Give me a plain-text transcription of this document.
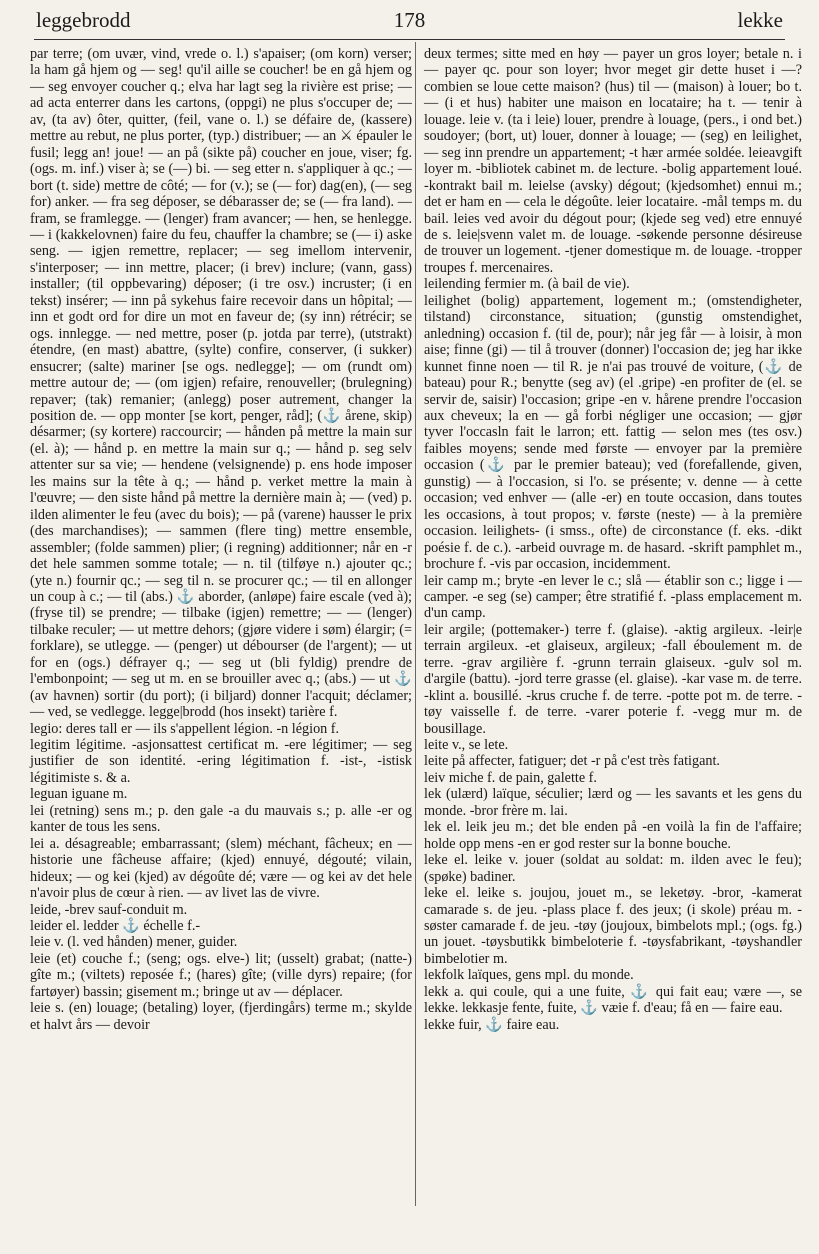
leggebrodd	178	lekke

par terre; (om uvær, vind, vrede o. l.) s'apaiser; (om korn) verser; la ham gå hjem og — seg! qu'il aille se coucher! be en gå hjem og — seg envoyer coucher q.; elva har lagt seg la rivière est prise; — ad acta enterrer dans les cartons, (oppgi) ne plus s'occuper de; — av, (ta av) ôter, quitter, (feil, vane o. l.) se défaire de, (kassere) mettre au rebut, ne plus porter, (typ.) distribuer; — an ⚔ épauler le fusil; legg an! joue! — an på (sikte på) coucher en joue, viser; fg. (ogs. m. inf.) viser à; se (—) bi. — seg etter n. s'appliquer à qc.; — bort (t. side) mettre de côté; — for (v.); se (— for) dag(en), (— seg for) anker. — fra seg déposer, se débarasser de; se (— fra land). — fram, se framlegge. — (lenger) fram avancer; — hen, se henlegge. — i (kakkelovnen) faire du feu, chauffer la chambre; se (— i) aske seng. — igjen remettre, replacer; — seg imellom intervenir, s'interposer; — inn mettre, placer; (i brev) inclure; (vann, gass) installer; (til oppbevaring) déposer; (i tre osv.) incruster; (i en tekst) insérer; — inn på sykehus faire recevoir dans un hôpital; — inn et godt ord for dire un mot en faveur de; (sy inn) rétrécir; se ogs. innlegge. — ned mettre, poser (p. jotda par terre), (utstrakt) étendre, (en mast) abattre, (sylte) confire, conserver, (i sukker) ensucrer; (salte) mariner [se ogs. nedlegge]; — om (rundt om) mettre autour de; — (om igjen) refaire, renouveller; (brulegning) repaver; (tak) remanier; (anlegg) poser autrement, changer la position de. — opp monter [se kort, penger, råd]; (⚓ årene, skip) désarmer; (sy kortere) raccourcir; — hånden på mettre la main sur (el. à); — hånd p. en mettre la main sur q.; — hånd p. seg selv attenter sur sa vie; — hendene (velsignende) p. ens hode imposer les mains sur la tête à q.; — hånd p. verket mettre la main à l'œuvre; — den siste hånd på mettre la dernière main à; — (ved) p. ilden alimenter le feu (avec du bois); — på (varene) hausser le prix (des marchandises); — sammen (flere ting) mettre ensemble, assembler; (folde sammen) plier; (i regning) additionner; når en -r det hele sammen somme totale; — n. til (tilføye n.) ajouter qc.; (yte n.) fournir qc.; — seg til n. se procurer qc.; — til en allonger un coup à c.; — til (abs.) ⚓ aborder, (anløpe) faire escale (ved à); (fryse til) se prendre; — tilbake (igjen) remettre; — — (lenger) tilbake reculer; — ut mettre dehors; (gjøre videre i søm) élargir; (= forklare), se utlegge. — (penger) ut débourser (de l'argent); — ut for en (ogs.) défrayer q.; — seg ut (bli fyldig) prendre de l'embonpoint; — seg ut m. en se brouiller avec q.; (abs.) — ut ⚓ (av havnen) sortir (du port); (i biljard) donner l'acquit; déclamer; — ved, se vedlegge. legge|brodd (hos insekt) tarière f.

legio: deres tall er — ils s'appellent légion. -n légion f.

legitim légitime. -asjonsattest certificat m. -ere légitimer; — seg justifier de son identité. -ering légitimation f. -ist-, -istisk légitimiste s. & a.

leguan iguane m.

lei (retning) sens m.; p. den gale -a du mauvais s.; p. alle -er og kanter de tous les sens.

lei a. désagreable; embarrassant; (slem) méchant, fâcheux; en — historie une fâcheuse affaire; (kjed) ennuyé, dégouté; vilain, hideux; — og kei (kjed) av dégoûte dé; være — og kei av det hele n'avoir plus de cœur à rien. — av livet las de vivre.

leide, -brev sauf-conduit m.

leider el. ledder ⚓ échelle f.-

leie v. (l. ved hånden) mener, guider.

leie (et) couche f.; (seng; ogs. elve-) lit; (usselt) grabat; (natte-) gîte m.; (viltets) reposée f.; (hares) gîte; (ville dyrs) repaire; (for fartøyer) bassin; gisement m.; bringe ut av — déplacer.

leie s. (en) louage; (betaling) loyer, (fjerdingårs) terme m.; skylde et halvt års — devoir

deux termes; sitte med en høy — payer un gros loyer; betale n. i — payer qc. pour son loyer; hvor meget gir dette huset i —? combien se loue cette maison? (hus) til — (maison) à louer; bo t. — (i et hus) habiter une maison en locataire; ha t. — tenir à louage. leie v. (ta i leie) louer, prendre à louage, (pers., i ond bet.) soudoyer; (bort, ut) louer, donner à louage; — (seg) en leilighet, — seg inn prendre un appartement; -t hær armée soldée. leieavgift loyer m. -bibliotek cabinet m. de lecture. -bolig appartement loué. -kontrakt bail m. leielse (avsky) dégout; (kjedsomhet) ennui m.; det er ham en — cela le dégoûte. leier locataire. -mål temps m. du bail. leies ved avoir du dégout pour; (kjede seg ved) etre ennuyé de s. leie|svenn valet m. de louage. -søkende personne désireuse de trouver un logement. -tjener domestique m. de louage. -tropper troupes f. mercenaires.

leilending fermier m. (à bail de vie).

leilighet (bolig) appartement, logement m.; (omstendigheter, tilstand) circonstance, situation; (gunstig omstendighet, anledning) occasion f. (til de, pour); når jeg får — à loisir, à mon aise; finne (gi) — til å trouver (donner) l'occasion de; jeg har ikke kunnet finne noen — til R. je n'ai pas trouvé de voiture, (⚓ de bateau) pour R.; benytte (seg av) (el .gripe) -en profiter de (el. se servir de, saisir) l'occasion; gripe -en v. hårene prendre l'occasion aux cheveux; la en — gå forbi négliger une occasion; — gjør tyver l'occasln fait le larron; ett. fattig — selon mes (tes osv.) faibles moyens; sende med første — envoyer par la première occasion (⚓ par le premier bateau); ved (forefallende, given, gunstig) — à l'occasion, si l'o. se présente; v. denne — à cette occasion; ved enhver — (alle -er) en toute occasion, dans toutes les occasions, à tout propos; v. første (neste) — à la première occasion. leilighets- (i smss., ofte) de circonstance (f. eks. -dikt poésie f. de c.). -arbeid ouvrage m. de hasard. -skrift pamphlet m., brochure f. -vis par occasion, incidemment.

leir camp m.; bryte -en lever le c.; slå — établir son c.; ligge i — camper. -e seg (se) camper; être stratifié f. -plass emplacement m. d'un camp.

leir argile; (pottemaker-) terre f. (glaise). -aktig argileux. -leir|e terrain argileux. -et glaiseux, argileux; -fall éboulement m. de terre. -grav argilière f. -grunn terrain glaiseux. -gulv sol m. d'argile (battu). -jord terre grasse (el. glaise). -kar vase m. de terre. -klint a. bousillé. -krus cruche f. de terre. -potte pot m. de terre. -tøy vaisselle f. de terre. -varer poterie f. -vegg mur m. de bousillage.

leite v., se lete.

leite på affecter, fatiguer; det -r på c'est très fatigant.

leiv miche f. de pain, galette f.

lek (ulærd) laïque, séculier; lærd og — les savants et les gens du monde. -bror frère m. lai.

lek el. leik jeu m.; det ble enden på -en voilà la fin de l'affaire; holde opp mens -en er god rester sur la bonne bouche.

leke el. leike v. jouer (soldat au soldat: m. ilden avec le feu); (spøke) badiner.

leke el. leike s. joujou, jouet m., se leketøy. -bror, -kamerat camarade s. de jeu. -plass place f. des jeux; (i skole) préau m. -søster camarade f. de jeu. -tøy (joujoux, bimbelots mpl.; (ogs. fg.) un jouet. -tøysbutikk bimbeloterie f. -tøysfabrikant, -tøyshandler bimbelotier m.

lekfolk laïques, gens mpl. du monde.

lekk a. qui coule, qui a une fuite, ⚓ qui fait eau; være —, se lekke. lekkasje fente, fuite, ⚓ væie f. d'eau; få en — faire eau.

lekke fuir, ⚓ faire eau.
